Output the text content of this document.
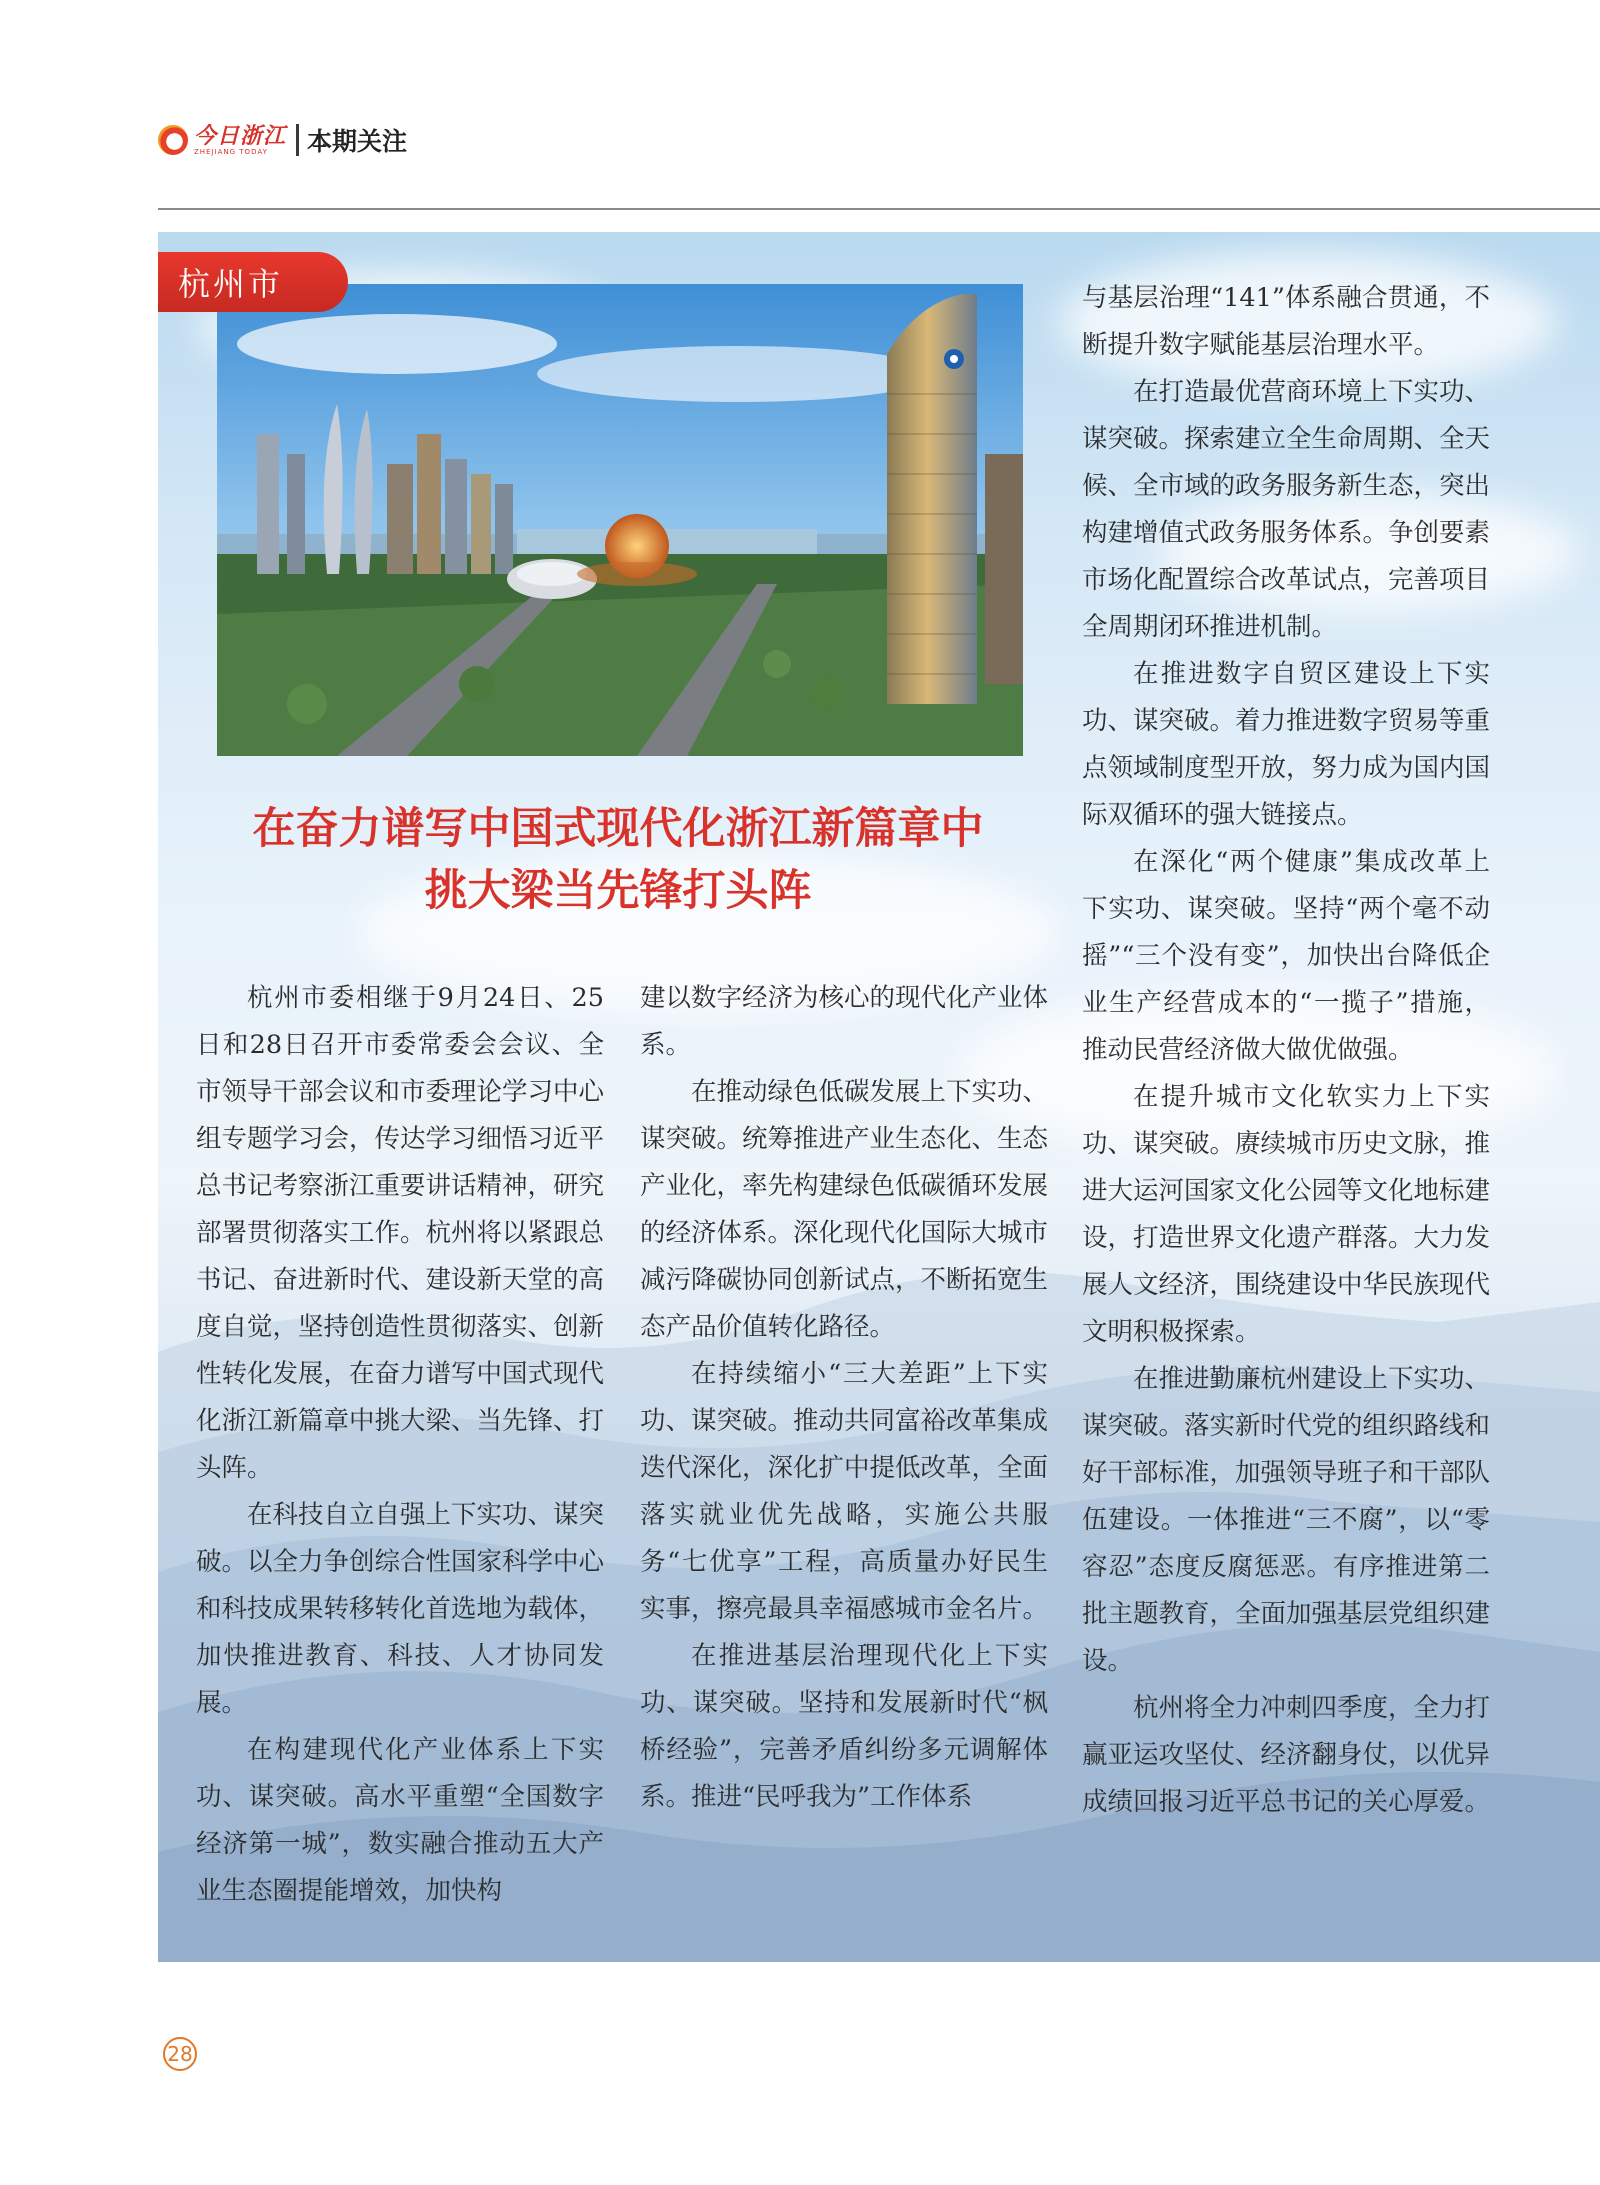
今日浙江
ZHEJIANG TODAY	本期关注
杭州市
在奋力谱写中国式现代化浙江新篇章中
挑大梁当先锋打头阵

杭州市委相继于9月24日、25日和28日召开市委常委会会议、全市领导干部会议和市委理论学习中心组专题学习会，传达学习细悟习近平总书记考察浙江重要讲话精神，研究部署贯彻落实工作。杭州将以紧跟总书记、奋进新时代、建设新天堂的高度自觉，坚持创造性贯彻落实、创新性转化发展，在奋力谱写中国式现代化浙江新篇章中挑大梁、当先锋、打头阵。

在科技自立自强上下实功、谋突破。以全力争创综合性国家科学中心和科技成果转移转化首选地为载体，加快推进教育、科技、人才协同发展。

在构建现代化产业体系上下实功、谋突破。高水平重塑“全国数字经济第一城”，数实融合推动五大产业生态圈提能增效，加快构

建以数字经济为核心的现代化产业体系。

在推动绿色低碳发展上下实功、谋突破。统筹推进产业生态化、生态产业化，率先构建绿色低碳循环发展的经济体系。深化现代化国际大城市减污降碳协同创新试点，不断拓宽生态产品价值转化路径。

在持续缩小“三大差距”上下实功、谋突破。推动共同富裕改革集成迭代深化，深化扩中提低改革，全面落实就业优先战略，实施公共服务“七优享”工程，高质量办好民生实事，擦亮最具幸福感城市金名片。

在推进基层治理现代化上下实功、谋突破。坚持和发展新时代“枫桥经验”，完善矛盾纠纷多元调解体系。推进“民呼我为”工作体系

与基层治理“141”体系融合贯通，不断提升数字赋能基层治理水平。

在打造最优营商环境上下实功、谋突破。探索建立全生命周期、全天候、全市域的政务服务新生态，突出构建增值式政务服务体系。争创要素市场化配置综合改革试点，完善项目全周期闭环推进机制。

在推进数字自贸区建设上下实功、谋突破。着力推进数字贸易等重点领域制度型开放，努力成为国内国际双循环的强大链接点。

在深化“两个健康”集成改革上下实功、谋突破。坚持“两个毫不动摇”“三个没有变”，加快出台降低企业生产经营成本的“一揽子”措施，推动民营经济做大做优做强。

在提升城市文化软实力上下实功、谋突破。赓续城市历史文脉，推进大运河国家文化公园等文化地标建设，打造世界文化遗产群落。大力发展人文经济，围绕建设中华民族现代文明积极探索。

在推进勤廉杭州建设上下实功、谋突破。落实新时代党的组织路线和好干部标准，加强领导班子和干部队伍建设。一体推进“三不腐”，以“零容忍”态度反腐惩恶。有序推进第二批主题教育，全面加强基层党组织建设。

杭州将全力冲刺四季度，全力打赢亚运攻坚仗、经济翻身仗，以优异成绩回报习近平总书记的关心厚爱。

28
